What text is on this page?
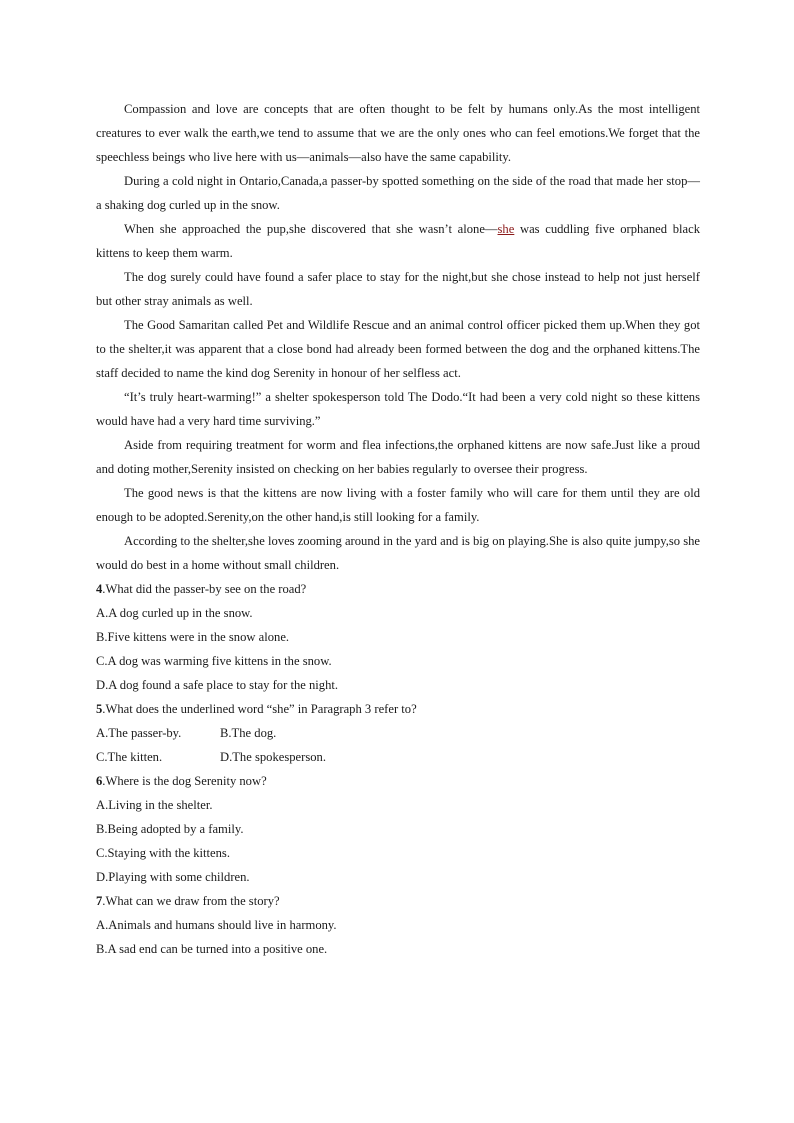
Compassion and love are concepts that are often thought to be felt by humans only.As the most intelligent creatures to ever walk the earth,we tend to assume that we are the only ones who can feel emotions.We forget that the speechless beings who live here with us—animals—also have the same capability.

During a cold night in Ontario,Canada,a passer-by spotted something on the side of the road that made her stop—a shaking dog curled up in the snow.

When she approached the pup,she discovered that she wasn’t alone—she was cuddling five orphaned black kittens to keep them warm.

The dog surely could have found a safer place to stay for the night,but she chose instead to help not just herself but other stray animals as well.

The Good Samaritan called Pet and Wildlife Rescue and an animal control officer picked them up.When they got to the shelter,it was apparent that a close bond had already been formed between the dog and the orphaned kittens.The staff decided to name the kind dog Serenity in honour of her selfless act.

“It’s truly heart-warming!” a shelter spokesperson told The Dodo.“It had been a very cold night so these kittens would have had a very hard time surviving.”

Aside from requiring treatment for worm and flea infections,the orphaned kittens are now safe.Just like a proud and doting mother,Serenity insisted on checking on her babies regularly to oversee their progress.

The good news is that the kittens are now living with a foster family who will care for them until they are old enough to be adopted.Serenity,on the other hand,is still looking for a family.

According to the shelter,she loves zooming around in the yard and is big on playing.She is also quite jumpy,so she would do best in a home without small children.

4.What did the passer-by see on the road?
A.A dog curled up in the snow.
B.Five kittens were in the snow alone.
C.A dog was warming five kittens in the snow.
D.A dog found a safe place to stay for the night.
5.What does the underlined word “she” in Paragraph 3 refer to?
A.The passer-by.	B.The dog.
C.The kitten.	D.The spokesperson.
6.Where is the dog Serenity now?
A.Living in the shelter.
B.Being adopted by a family.
C.Staying with the kittens.
D.Playing with some children.
7.What can we draw from the story?
A.Animals and humans should live in harmony.
B.A sad end can be turned into a positive one.
